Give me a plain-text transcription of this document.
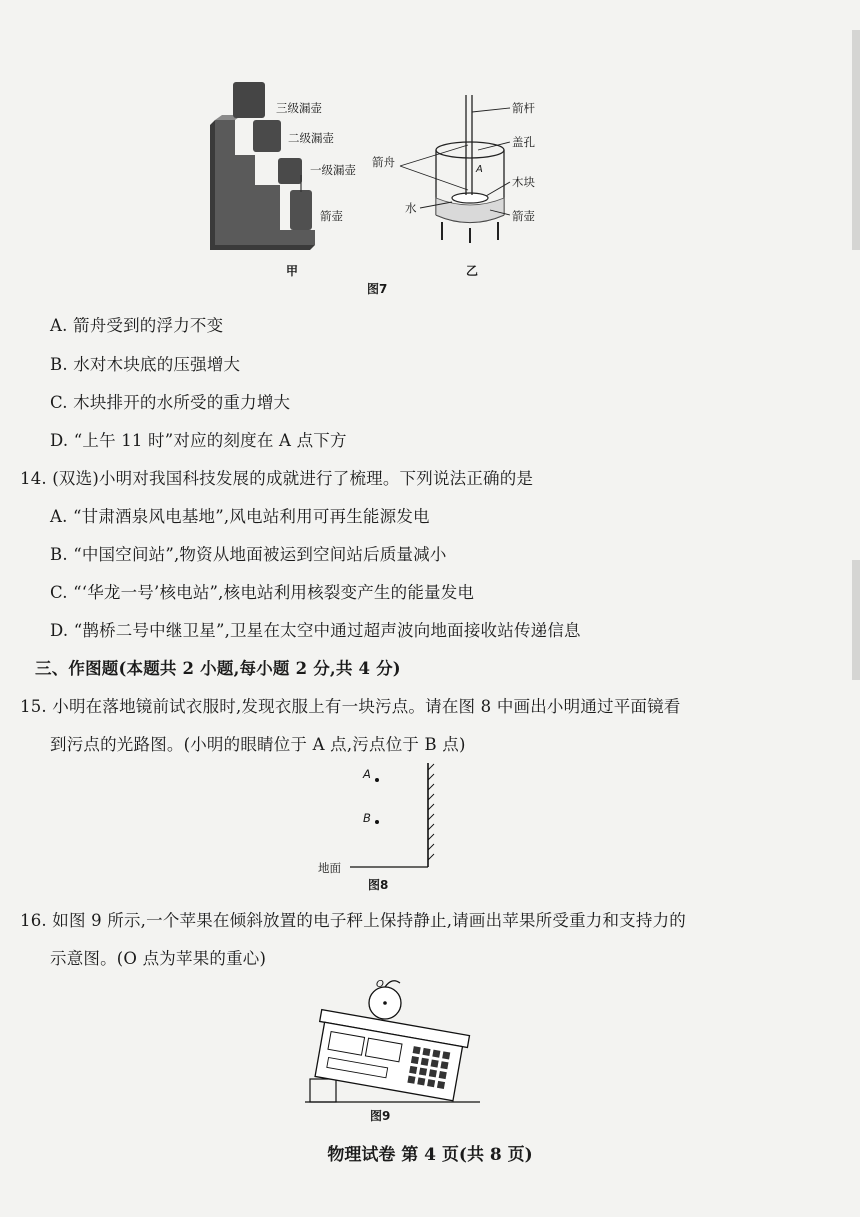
三级漏壶
二级漏壶
一级漏壶
箭壶
甲
箭杆
箭舟
盖孔
A
木块
水
箭壶
乙
图7
A. 箭舟受到的浮力不变
B. 水对木块底的压强增大
C. 木块排开的水所受的重力增大
D. “上午 11 时”对应的刻度在 A 点下方
14. (双选)小明对我国科技发展的成就进行了梳理。下列说法正确的是
A. “甘肃酒泉风电基地”,风电站利用可再生能源发电
B. “中国空间站”,物资从地面被运到空间站后质量减小
C. “‘华龙一号’核电站”,核电站利用核裂变产生的能量发电
D. “鹊桥二号中继卫星”,卫星在太空中通过超声波向地面接收站传递信息
三、作图题(本题共 2 小题,每小题 2 分,共 4 分)
15. 小明在落地镜前试衣服时,发现衣服上有一块污点。请在图 8 中画出小明通过平面镜看
到污点的光路图。(小明的眼睛位于 A 点,污点位于 B 点)
A
B
地面
图8
16. 如图 9 所示,一个苹果在倾斜放置的电子秤上保持静止,请画出苹果所受重力和支持力的
示意图。(O 点为苹果的重心)
O
图9
物理试卷 第 4 页(共 8 页)
